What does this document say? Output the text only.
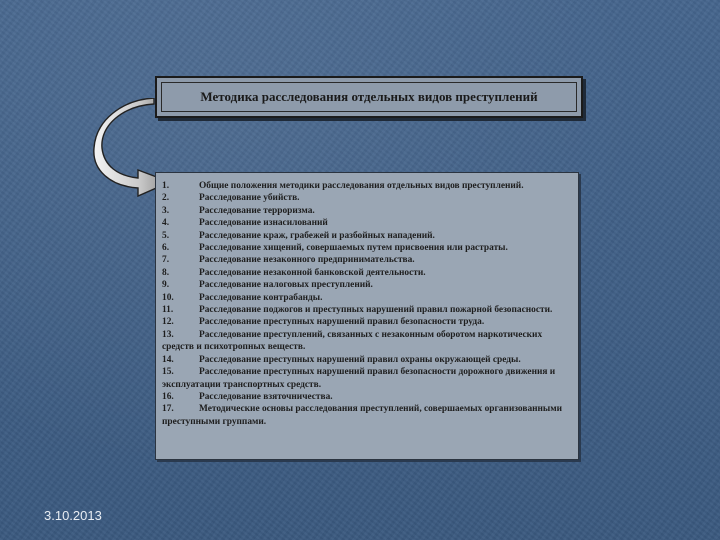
Методика расследования отдельных видов преступлений
1.	Общие положения методики расследования отдельных видов преступлений.
2.	Расследование убийств.
3.	Расследование терроризма.
4.	Расследование изнасилований
5.	Расследование краж, грабежей и разбойных нападений.
6.	Расследование хищений, совершаемых путем присвоения или растраты.
7.	Расследование незаконного предпринимательства.
8.	Расследование незаконной банковской деятельности.
9.	Расследование налоговых преступлений.
10.	Расследование контрабанды.
11.	Расследование поджогов и преступных нарушений правил пожарной безопасности.
12.	Расследование преступных нарушений правил безопасности труда.
13.	Расследование преступлений, связанных с незаконным оборотом наркотических средств и психотропных веществ.
14.	Расследование преступных нарушений правил охраны окружающей среды.
15.	Расследование преступных нарушений правил безопасности дорожного движения и эксплуатации транспортных средств.
16.	Расследование взяточничества.
17.	Методические основы расследования преступлений, совершаемых организованными преступными группами.
3.10.2013
